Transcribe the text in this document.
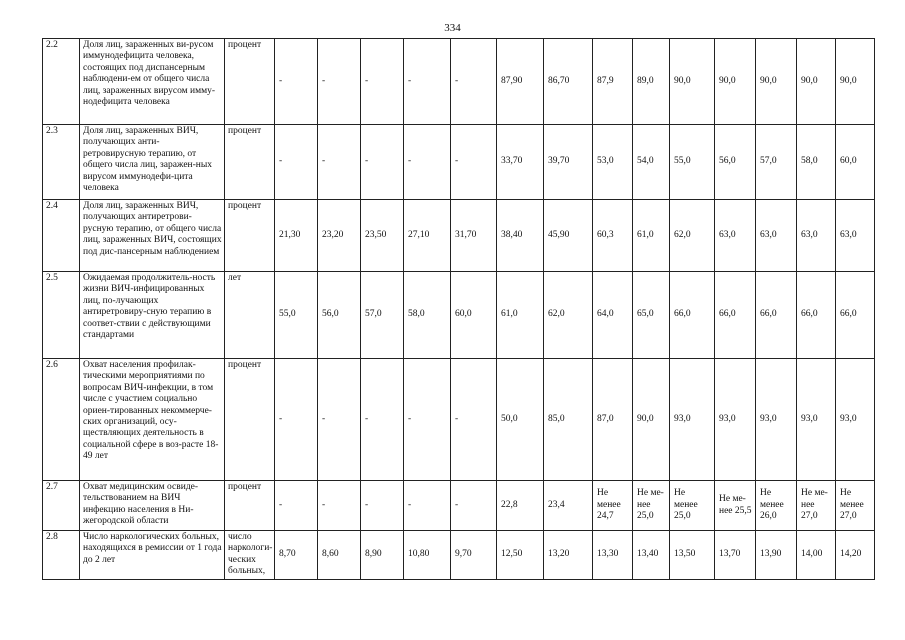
334
2.2	Доля лиц, зараженных ви-русом иммунодефицита человека, состоящих под диспансерным наблюдени-ем от общего числа лиц, зараженных вирусом имму-нодефицита человека	процент	-	-	-	-	-	87,90	86,70	87,9	89,0	90,0	90,0	90,0	90,0	90,0
2.3	Доля лиц, зараженных ВИЧ, получающих анти-ретровирусную терапию, от общего числа лиц, заражен-ных вирусом иммунодефи-цита человека	процент	-	-	-	-	-	33,70	39,70	53,0	54,0	55,0	56,0	57,0	58,0	60,0
2.4	Доля лиц, зараженных ВИЧ, получающих антиретрови-русную терапию, от общего числа лиц, зараженных ВИЧ, состоящих под дис-пансерным наблюдением	процент	21,30	23,20	23,50	27,10	31,70	38,40	45,90	60,3	61,0	62,0	63,0	63,0	63,0	63,0
2.5	Ожидаемая продолжитель-ность жизни ВИЧ-инфицированных лиц, по-лучающих антиретровиру-сную терапию в соответ-ствии с действующими стандартами	лет	55,0	56,0	57,0	58,0	60,0	61,0	62,0	64,0	65,0	66,0	66,0	66,0	66,0	66,0
2.6	Охват населения профилак-тическими мероприятиями по вопросам ВИЧ-инфекции, в том числе с участием социально ориен-тированных некоммерче-ских организаций, осу-ществляющих деятельность в социальной сфере в воз-расте 18-49 лет	процент	-	-	-	-	-	50,0	85,0	87,0	90,0	93,0	93,0	93,0	93,0	93,0
2.7	Охват медицинским освиде-тельствованием на ВИЧ инфекцию населения в Ни-жегородской области	процент	-	-	-	-	-	22,8	23,4	Не менее 24,7	Не ме-нее 25,0	Не менее 25,0	Не ме-нее 25,5	Не менее 26,0	Не ме-нее 27,0	Не менее 27,0
2.8	Число наркологических больных, находящихся в ремиссии от 1 года до 2 лет	число наркологи-ческих больных,	8,70	8,60	8,90	10,80	9,70	12,50	13,20	13,30	13,40	13,50	13,70	13,90	14,00	14,20
